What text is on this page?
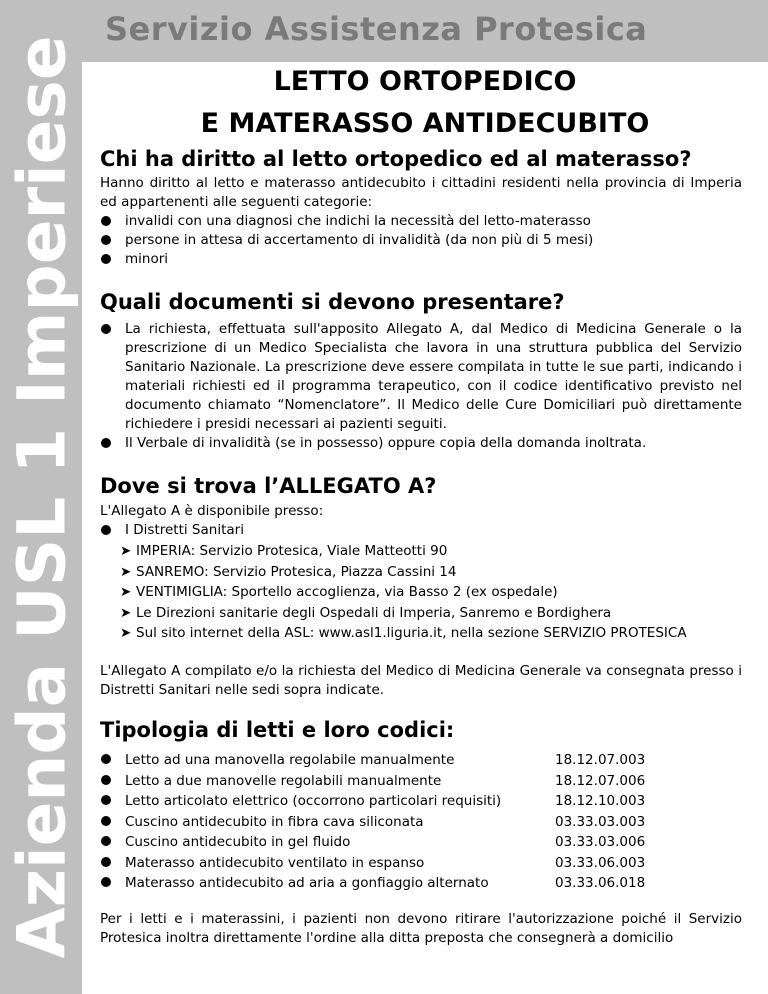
Azienda USL 1 Imperiese
Servizio Assistenza Protesica
LETTO ORTOPEDICO
E MATERASSO ANTIDECUBITO
Chi ha diritto al letto ortopedico ed al materasso?
Hanno diritto al letto e materasso antidecubito i cittadini residenti nella provincia di Imperia ed appartenenti alle seguenti categorie:
invalidi con una diagnosi che indichi la necessità del letto-materasso
persone in attesa di accertamento di invalidità (da non più di 5 mesi)
minori
Quali documenti si devono presentare?
La richiesta, effettuata sull'apposito Allegato A, dal Medico di Medicina Generale o la prescrizione di un Medico Specialista che lavora in una struttura pubblica del Servizio Sanitario Nazionale. La prescrizione deve essere compilata in tutte le sue parti, indicando i materiali richiesti ed il programma terapeutico, con il codice identificativo previsto nel documento chiamato “Nomenclatore”. Il Medico delle Cure Domiciliari può direttamente richiedere i presidi necessari ai pazienti seguiti.
Il Verbale di invalidità (se in possesso) oppure copia della domanda inoltrata.
Dove si trova l’ALLEGATO A?
L'Allegato A è disponibile presso:
I Distretti Sanitari
➤ IMPERIA: Servizio Protesica, Viale Matteotti 90
➤ SANREMO: Servizio Protesica, Piazza Cassini 14
➤ VENTIMIGLIA: Sportello accoglienza, via Basso 2 (ex ospedale)
➤ Le Direzioni sanitarie degli Ospedali di Imperia, Sanremo e Bordighera
➤ Sul sito internet della ASL: www.asl1.liguria.it, nella sezione SERVIZIO PROTESICA
L'Allegato A compilato e/o la richiesta del Medico di Medicina Generale va consegnata presso i Distretti Sanitari nelle sedi sopra indicate.
Tipologia di letti e loro codici:
	Letto ad una manovella regolabile manualmente	18.12.07.003
	Letto a due manovelle regolabili manualmente	18.12.07.006
	Letto articolato elettrico (occorrono particolari requisiti)	18.12.10.003
	Cuscino antidecubito in fibra cava siliconata	03.33.03.003
	Cuscino antidecubito in gel fluido	03.33.03.006
	Materasso antidecubito ventilato in espanso	03.33.06.003
	Materasso antidecubito ad aria a gonfiaggio alternato	03.33.06.018
Per i letti e i materassini, i pazienti non devono ritirare l'autorizzazione poiché il Servizio Protesica inoltra direttamente l'ordine alla ditta preposta che consegnerà a domicilio
